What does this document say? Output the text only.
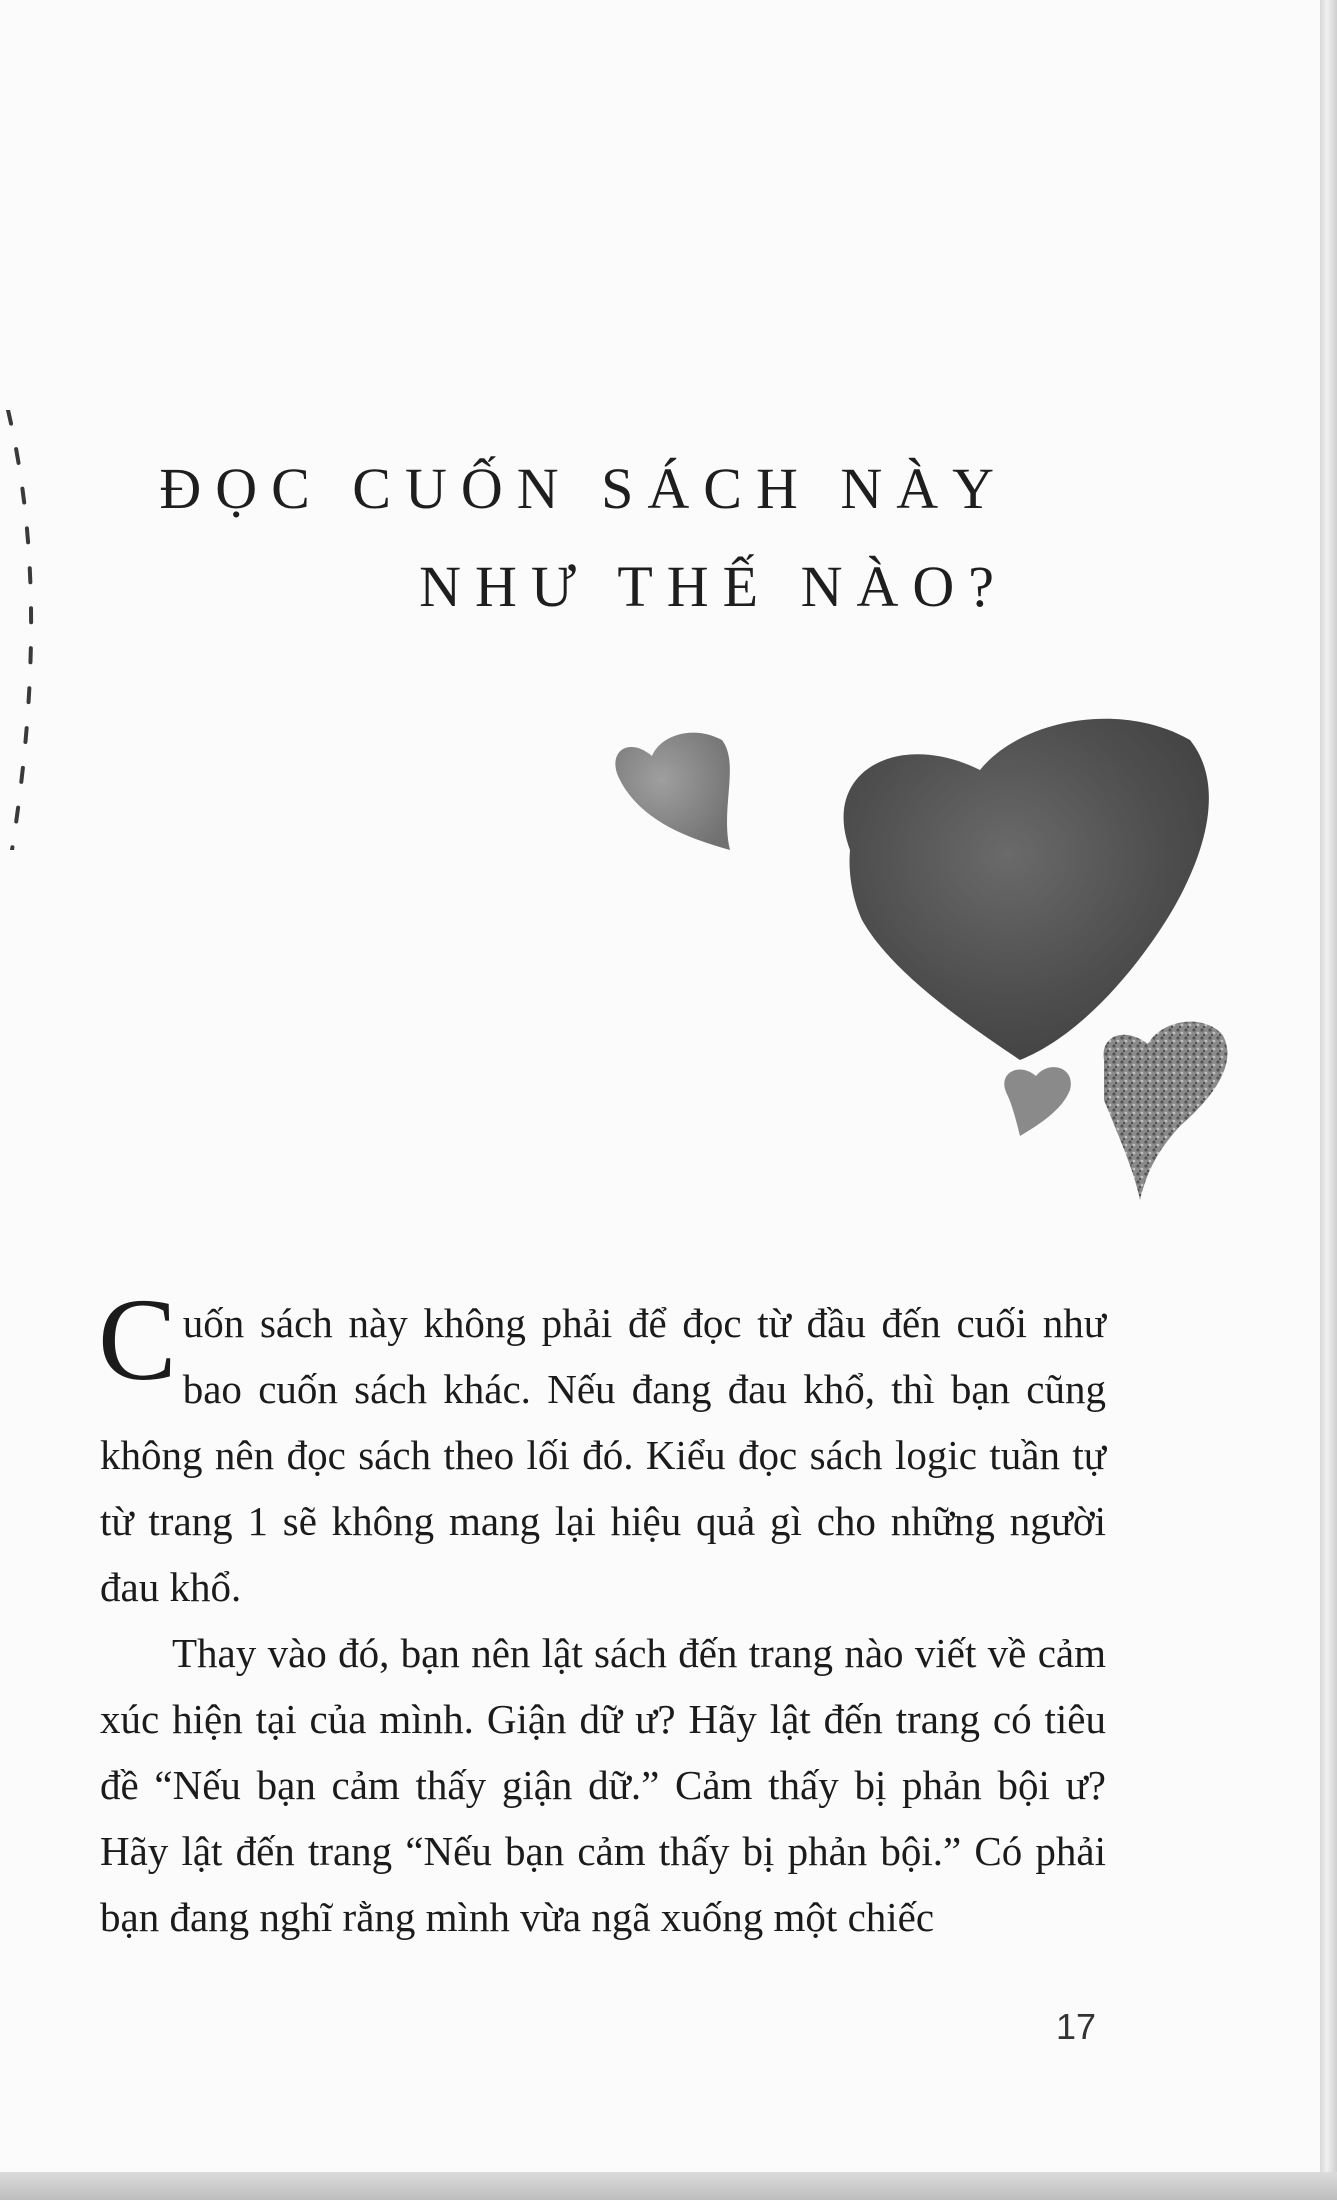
ĐỌC CUỐN SÁCH NÀY
NHƯ THẾ NÀO?

Cuốn sách này không phải để đọc từ đầu đến cuối như bao cuốn sách khác. Nếu đang đau khổ, thì bạn cũng không nên đọc sách theo lối đó. Kiểu đọc sách logic tuần tự từ trang 1 sẽ không mang lại hiệu quả gì cho những người đau khổ.

Thay vào đó, bạn nên lật sách đến trang nào viết về cảm xúc hiện tại của mình. Giận dữ ư? Hãy lật đến trang có tiêu đề “Nếu bạn cảm thấy giận dữ.” Cảm thấy bị phản bội ư? Hãy lật đến trang “Nếu bạn cảm thấy bị phản bội.” Có phải bạn đang nghĩ rằng mình vừa ngã xuống một chiếc

17
